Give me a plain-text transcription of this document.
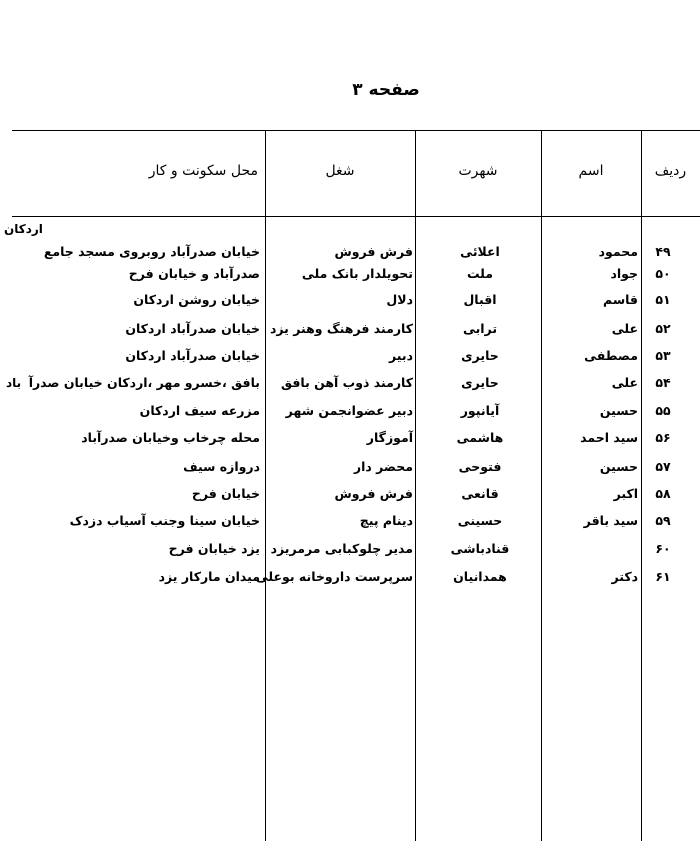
صفحه ۳
ردیف
اسم
شهرت
شغل
محل سکونت و کار
اردکان
باد
۴۹
محمود
اعلائی
فرش فروش
خیابان صدرآباد روبروی مسجد جامع
۵۰
جواد
ملت
تحویلدار بانک ملی
صدرآباد و خیابان فرح
۵۱
قاسم
اقبال
دلال
خیابان روشن اردکان
۵۲
علی
ترابی
کارمند فرهنگ وهنر یزد
خیابان صدرآباد اردکان
۵۳
مصطفی
حایری
دبیر
خیابان صدرآباد اردکان
۵۴
علی
حایری
کارمند ذوب آهن بافق
بافق ،خسرو مهر ،اردکان خیابان صدرآ
۵۵
حسین
آیانپور
دبیر عضوانجمن شهر
مزرعه سیف اردکان
۵۶
سید احمد
هاشمی
آموزگار
محله چرخاب وخیابان صدرآباد
۵۷
حسین
فتوحی
محضر دار
دروازه سیف
۵۸
اکبر
قانعی
فرش فروش
خیابان فرح
۵۹
سید باقر
حسینی
دینام پیچ
خیابان سینا وجنب آسیاب دزدک
۶۰
قنادباشی
مدیر چلوکبابی مرمریزد
یزد خیابان فرح
۶۱
دکتر
همدانیان
سرپرست داروخانه بوعلی
میدان مارکار یزد
